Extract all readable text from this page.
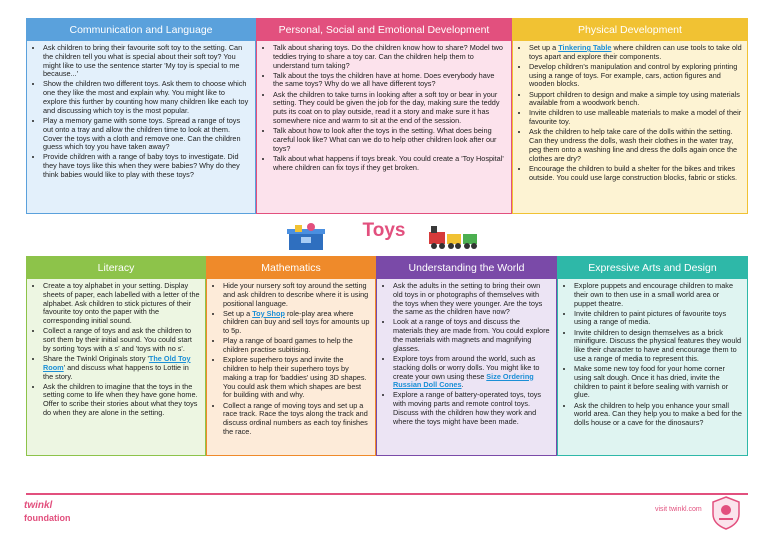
Communication and Language
• Ask children to bring their favourite soft toy to the setting. Can the children tell you what is special about their soft toy? You might like to use the sentence starter 'My toy is special to me because...'
• Show the children two different toys. Ask them to choose which one they like the most and explain why. You might like to explore this further by counting how many children like each toy and discussing which toy is the most popular.
• Play a memory game with some toys. Spread a range of toys out onto a tray and allow the children time to look at them. Cover the toys with a cloth and remove one. Can the children guess which toy you have taken away?
• Provide children with a range of baby toys to investigate. Did they have toys like this when they were babies? Why do they think babies would like to play with these toys?
Personal, Social and Emotional Development
• Talk about sharing toys. Do the children know how to share? Model two teddies trying to share a toy car. Can the children help them to understand turn taking?
• Talk about the toys the children have at home. Does everybody have the same toys? Why do we all have different toys?
• Ask the children to take turns in looking after a soft toy or bear in your setting. They could be given the job for the day, making sure the teddy puts its coat on to play outside, read it a story and make sure it has somewhere nice and warm to sit at the end of the session.
• Talk about how to look after the toys in the setting. What does being careful look like? What can we do to help other children look after our toys?
• Talk about what happens if toys break. You could create a 'Toy Hospital' where children can fix toys if they get broken.
Physical Development
• Set up a Tinkering Table where children can use tools to take old toys apart and explore their components.
• Develop children's manipulation and control by exploring printing using a range of toys. For example, cars, action figures and wooden blocks.
• Support children to design and make a simple toy using materials available from a woodwork bench.
• Invite children to use malleable materials to make a model of their favourite toy.
• Ask the children to help take care of the dolls within the setting. Can they undress the dolls, wash their clothes in the water tray, peg them onto a washing line and dress the dolls again once the clothes are dry?
• Encourage the children to build a shelter for the bikes and trikes outside. You could use large construction blocks, fabric or sticks.
Toys
Literacy
• Create a toy alphabet in your setting. Display sheets of paper, each labelled with a letter of the alphabet. Ask children to stick pictures of their favourite toy onto the paper with the corresponding initial sound.
• Collect a range of toys and ask the children to sort them by their initial sound. You could start by sorting 'toys with a s' and 'toys with no s'.
• Share the Twinkl Originals story 'The Old Toy Room' and discuss what happens to Lottie in the story.
• Ask the children to imagine that the toys in the setting come to life when they have gone home. Offer to scribe their stories about what they toys do when they are alone in the setting.
Mathematics
• Hide your nursery soft toy around the setting and ask children to describe where it is using positional language.
• Set up a Toy Shop role-play area where children can buy and sell toys for amounts up to 5p.
• Play a range of board games to help the children practise subitising.
• Explore superhero toys and invite the children to help their superhero toys by making a trap for 'baddies' using 3D shapes. You could ask them which shapes are best for building with and why.
• Collect a range of moving toys and set up a race track. Race the toys along the track and discuss ordinal numbers as each toy finishes the race.
Understanding the World
• Ask the adults in the setting to bring their own old toys in or photographs of themselves with the toys when they were younger. Are the toys the same as the children have now?
• Look at a range of toys and discuss the materials they are made from. You could explore the materials with magnets and magnifying glasses.
• Explore toys from around the world, such as stacking dolls or worry dolls. You might like to create your own using these Size Ordering Russian Doll Cones.
• Explore a range of battery-operated toys, toys with moving parts and remote control toys. Discuss with the children how they work and where the toys might have been made.
Expressive Arts and Design
• Explore puppets and encourage children to make their own to then use in a small world area or puppet theatre.
• Invite children to paint pictures of favourite toys using a range of media.
• Invite children to design themselves as a brick minifigure. Discuss the physical features they would like their character to have and encourage them to use a range of media to represent this.
• Make some new toy food for your home corner using salt dough. Once it has dried, invite the children to paint it before sealing with varnish or glue.
• Ask the children to help you enhance your small world area. Can they help you to make a bed for the dolls house or a cave for the dinosaurs?
twinkl
foundation
visit twinkl.com
